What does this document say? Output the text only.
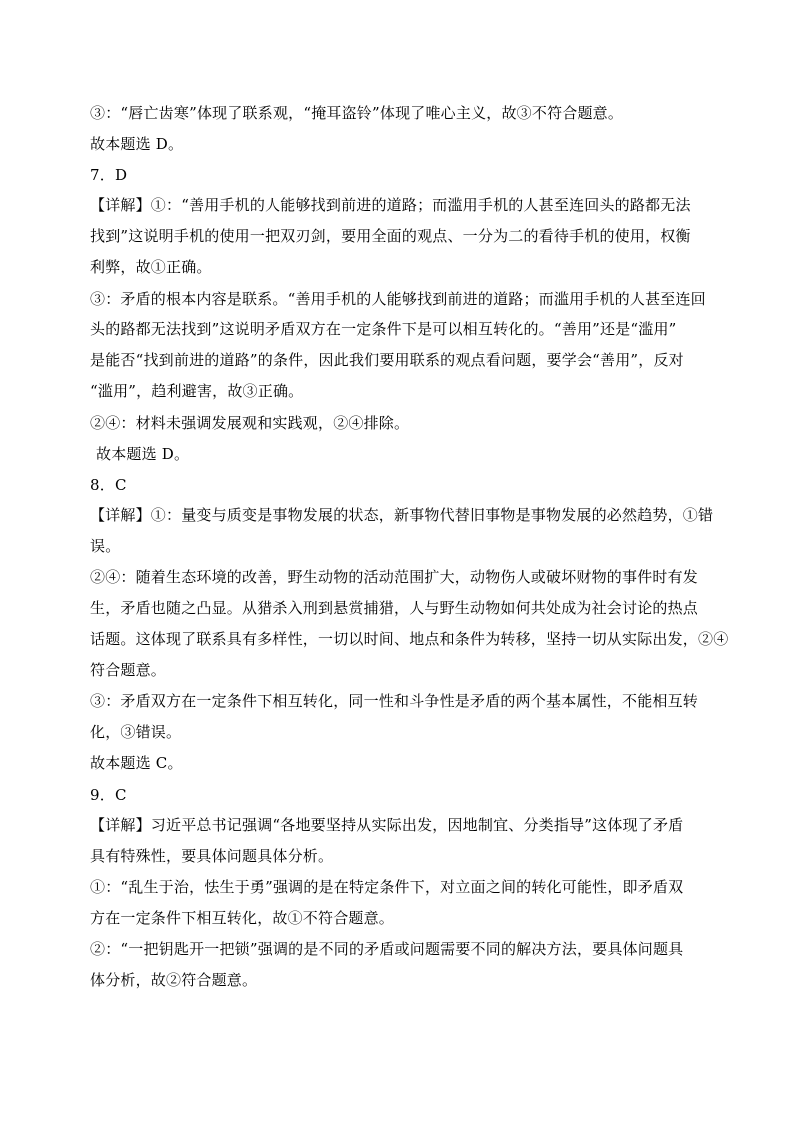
③：“唇亡齿寒”体现了联系观，“掩耳盗铃”体现了唯心主义，故③不符合题意。
故本题选 D。
7．D
【详解】①：“善用手机的人能够找到前进的道路；而滥用手机的人甚至连回头的路都无法
找到”这说明手机的使用一把双刃剑，要用全面的观点、一分为二的看待手机的使用，权衡
利弊，故①正确。
③：矛盾的根本内容是联系。“善用手机的人能够找到前进的道路；而滥用手机的人甚至连回
头的路都无法找到”这说明矛盾双方在一定条件下是可以相互转化的。“善用”还是“滥用”
是能否“找到前进的道路”的条件，因此我们要用联系的观点看问题，要学会“善用”，反对
“滥用”，趋利避害，故③正确。
②④：材料未强调发展观和实践观，②④排除。
故本题选 D。
8．C
【详解】①：量变与质变是事物发展的状态，新事物代替旧事物是事物发展的必然趋势，①错
误。
②④：随着生态环境的改善，野生动物的活动范围扩大，动物伤人或破坏财物的事件时有发
生，矛盾也随之凸显。从猎杀入刑到悬赏捕猎，人与野生动物如何共处成为社会讨论的热点
话题。这体现了联系具有多样性，一切以时间、地点和条件为转移，坚持一切从实际出发，②④
符合题意。
③：矛盾双方在一定条件下相互转化，同一性和斗争性是矛盾的两个基本属性，不能相互转
化，③错误。
故本题选 C。
9．C
【详解】习近平总书记强调“各地要坚持从实际出发，因地制宜、分类指导”这体现了矛盾
具有特殊性，要具体问题具体分析。
①：“乱生于治，怯生于勇”强调的是在特定条件下，对立面之间的转化可能性，即矛盾双
方在一定条件下相互转化，故①不符合题意。
②：“一把钥匙开一把锁”强调的是不同的矛盾或问题需要不同的解决方法，要具体问题具
体分析，故②符合题意。
